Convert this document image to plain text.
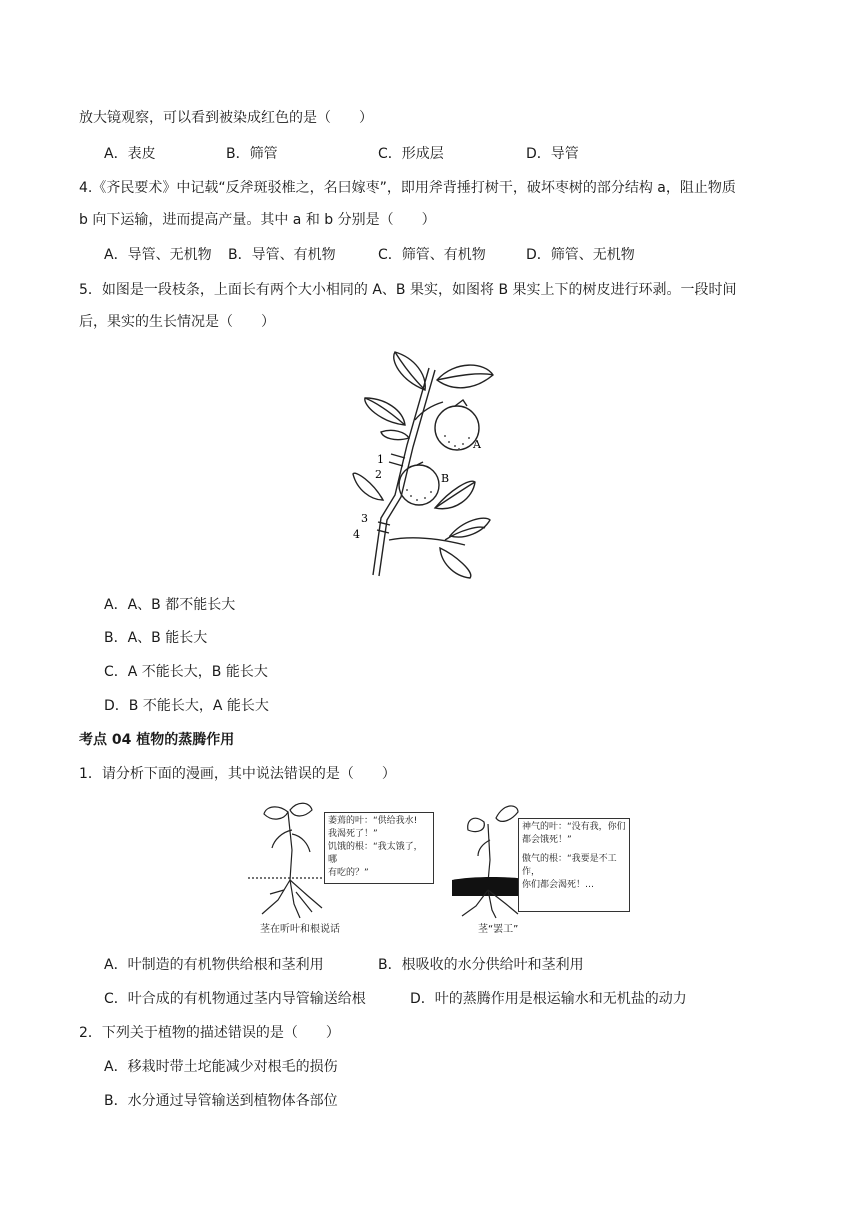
放大镜观察，可以看到被染成红色的是（　　）
A．表皮	B．筛管	C．形成层	D．导管
4.《齐民要术》中记载“反斧斑驳椎之，名曰嫁枣”，即用斧背捶打树干，破坏枣树的部分结构 a，阻止物质
b 向下运输，进而提高产量。其中 a 和 b 分别是（　　）
A．导管、无机物 B．导管、有机物	C．筛管、有机物	D．筛管、无机物
5．如图是一段枝条，上面长有两个大小相同的 A、B 果实，如图将 B 果实上下的树皮进行环剥。一段时间
后，果实的生长情况是（　　）
A
B
1
2
3
4
A．A、B 都不能长大
B．A、B 能长大
C．A 不能长大，B 能长大
D．B 不能长大，A 能长大
考点 04 植物的蒸腾作用
1．请分析下面的漫画，其中说法错误的是（　　）
萎蔫的叶：“供给我水!
我渴死了！”
饥饿的根：“我太饿了，哪
有吃的？”
茎在听叶和根说话
神气的叶：“没有我，你们
都会饿死！”
傲气的根：“我要是不工作，
你们都会渴死！…
茎“罢工”
A．叶制造的有机物供给根和茎利用	B．根吸收的水分供给叶和茎利用
C．叶合成的有机物通过茎内导管输送给根	D．叶的蒸腾作用是根运输水和无机盐的动力
2．下列关于植物的描述错误的是（　　）
A．移栽时带土坨能减少对根毛的损伤
B．水分通过导管输送到植物体各部位
